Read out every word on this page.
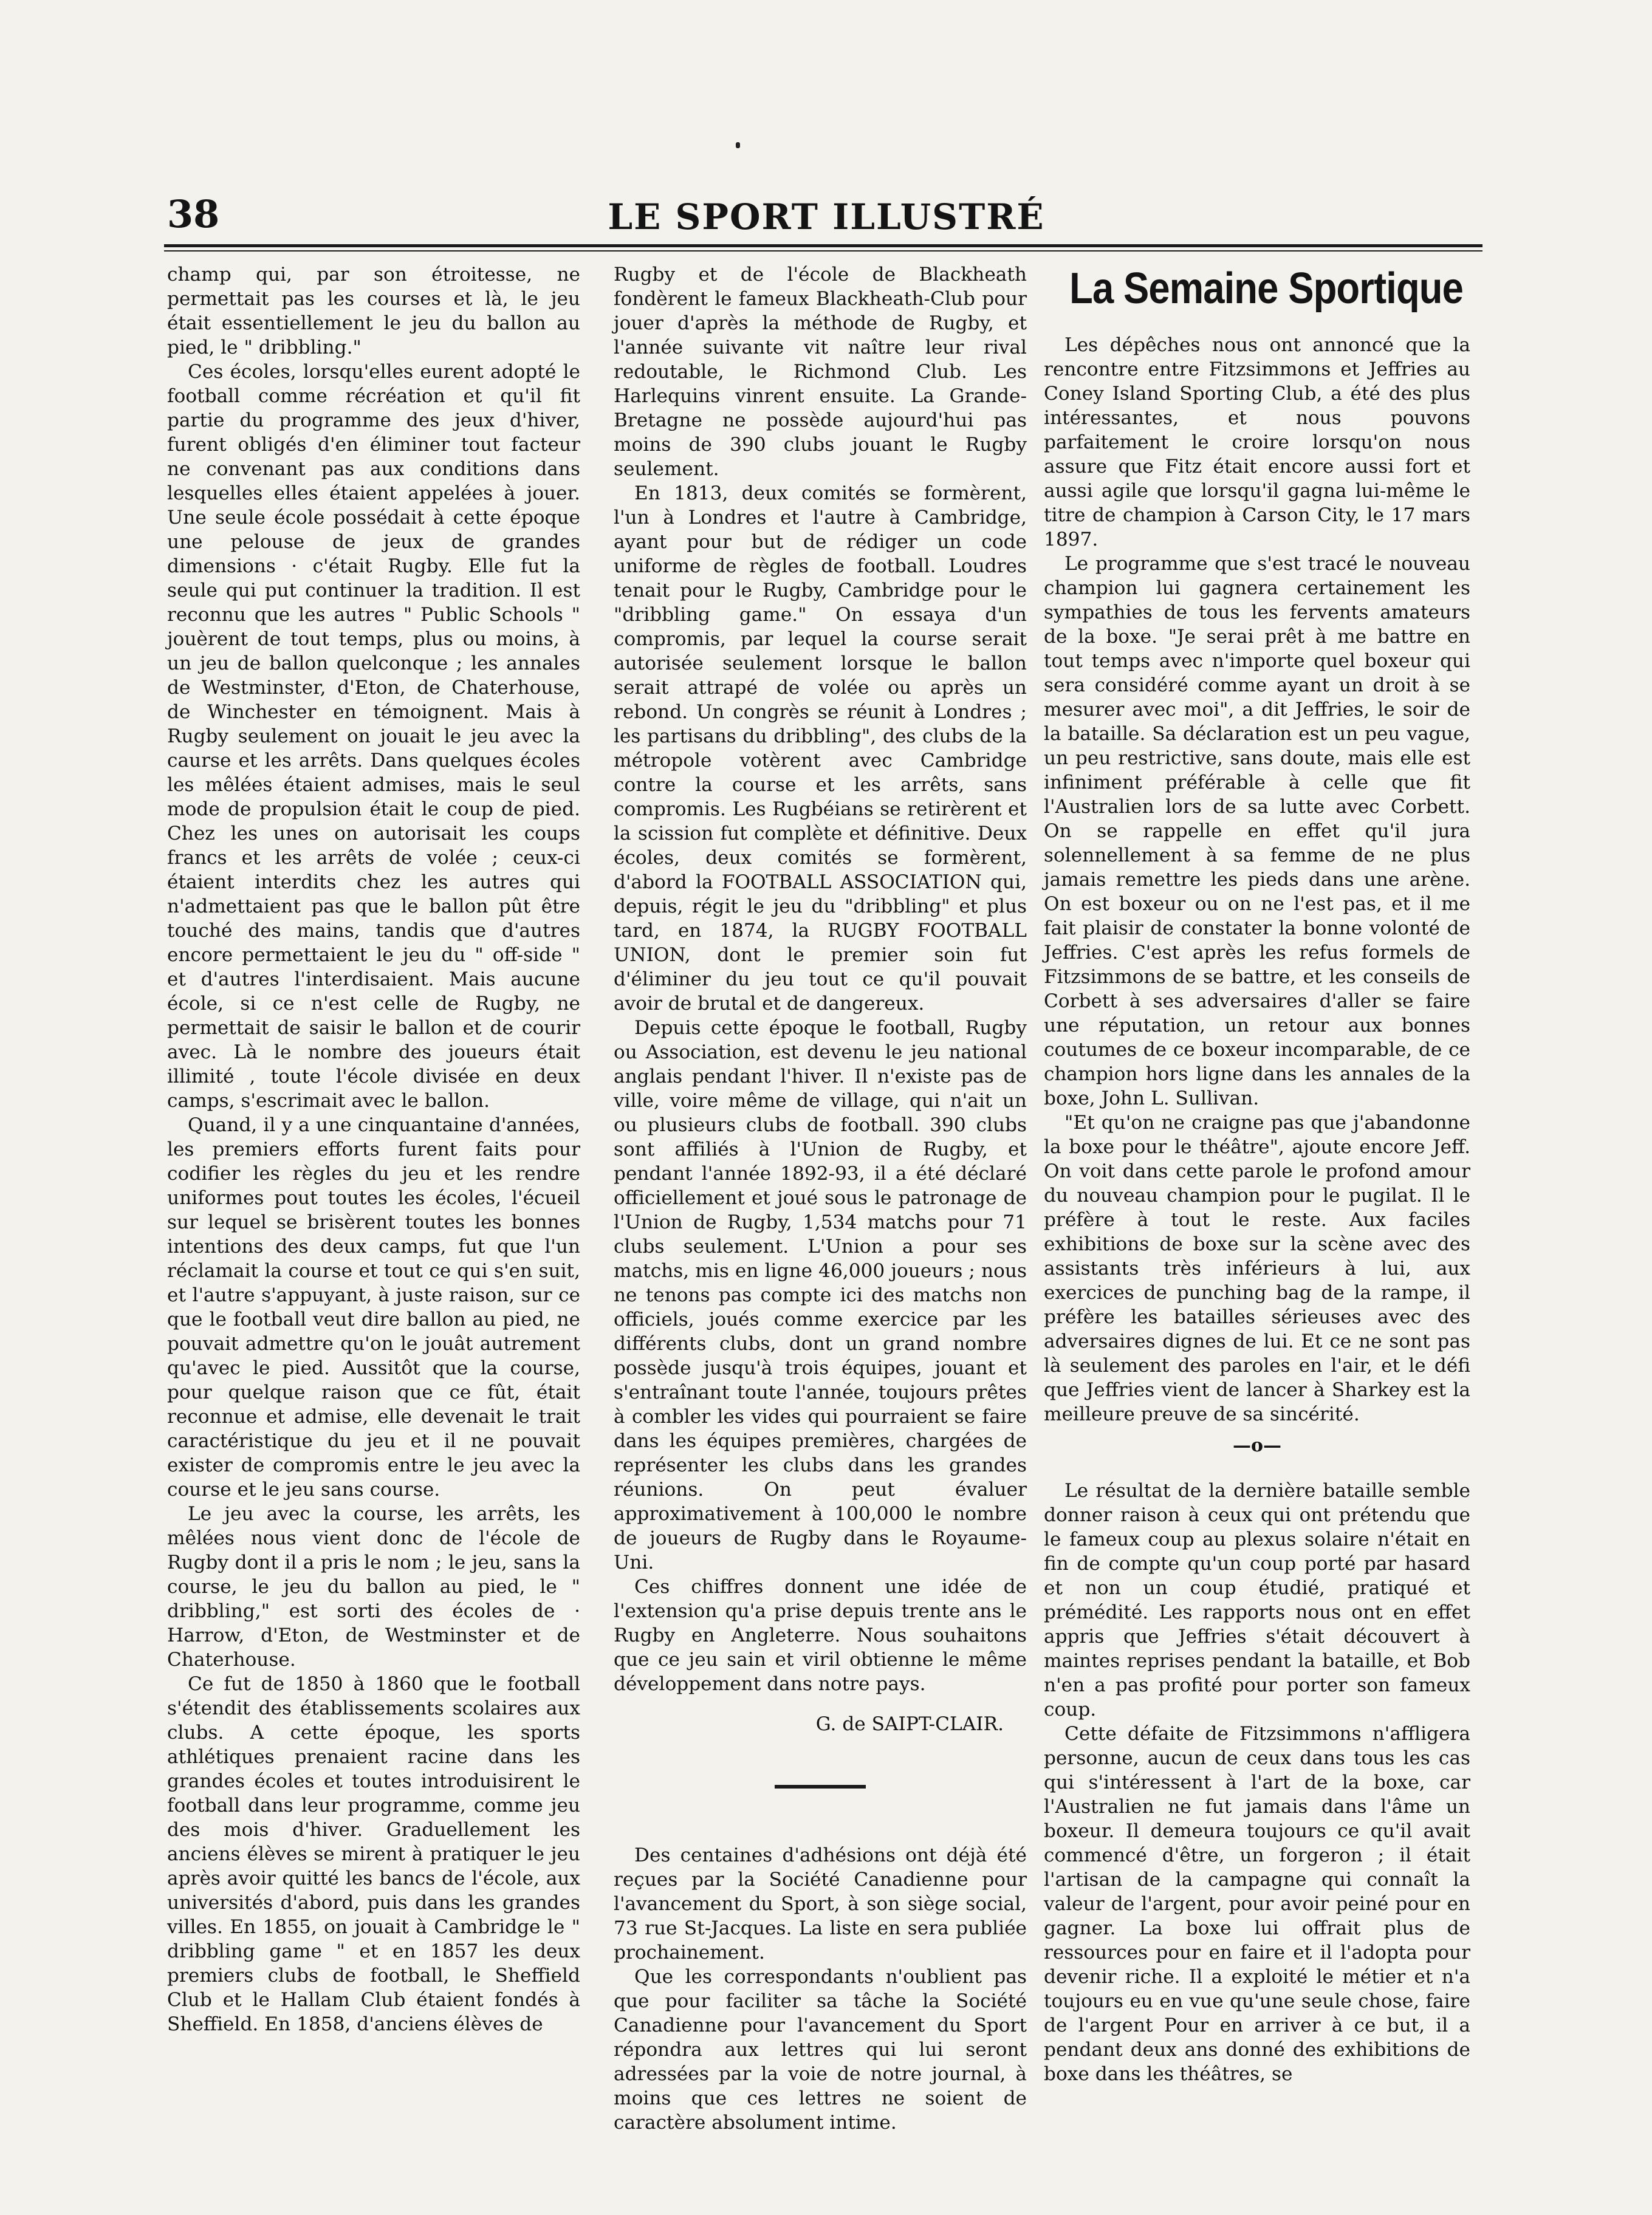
38	LE SPORT ILLUSTRÉ

champ qui, par son étroitesse, ne permettait pas les courses et là, le jeu était essentiellement le jeu du ballon au pied, le " dribbling."

Ces écoles, lorsqu'elles eurent adopté le football comme récréation et qu'il fit partie du programme des jeux d'hiver, furent obligés d'en éliminer tout facteur ne convenant pas aux conditions dans lesquelles elles étaient appelées à jouer. Une seule école possédait à cette époque une pelouse de jeux de grandes dimensions · c'était Rugby. Elle fut la seule qui put continuer la tradition. Il est reconnu que les autres " Public Schools " jouèrent de tout temps, plus ou moins, à un jeu de ballon quelconque ; les annales de Westminster, d'Eton, de Chaterhouse, de Winchester en témoignent. Mais à Rugby seulement on jouait le jeu avec la caurse et les arrêts. Dans quelques écoles les mêlées étaient admises, mais le seul mode de propulsion était le coup de pied. Chez les unes on autorisait les coups francs et les arrêts de volée ; ceux-ci étaient interdits chez les autres qui n'admettaient pas que le ballon pût être touché des mains, tandis que d'autres encore permettaient le jeu du " off-side " et d'autres l'interdisaient. Mais aucune école, si ce n'est celle de Rugby, ne permettait de saisir le ballon et de courir avec. Là le nombre des joueurs était illimité , toute l'école divisée en deux camps, s'escrimait avec le ballon.

Quand, il y a une cinquantaine d'années, les premiers efforts furent faits pour codifier les règles du jeu et les rendre uniformes pout toutes les écoles, l'écueil sur lequel se brisèrent toutes les bonnes intentions des deux camps, fut que l'un réclamait la course et tout ce qui s'en suit, et l'autre s'appuyant, à juste raison, sur ce que le football veut dire ballon au pied, ne pouvait admettre qu'on le jouât autrement qu'avec le pied. Aussitôt que la course, pour quelque raison que ce fût, était reconnue et admise, elle devenait le trait caractéristique du jeu et il ne pouvait exister de compromis entre le jeu avec la course et le jeu sans course.

Le jeu avec la course, les arrêts, les mêlées nous vient donc de l'école de Rugby dont il a pris le nom ; le jeu, sans la course, le jeu du ballon au pied, le " dribbling," est sorti des écoles de · Harrow, d'Eton, de Westminster et de Chaterhouse.

Ce fut de 1850 à 1860 que le football s'étendit des établissements scolaires aux clubs. A cette époque, les sports athlétiques prenaient racine dans les grandes écoles et toutes introduisirent le football dans leur programme, comme jeu des mois d'hiver. Graduellement les anciens élèves se mirent à pratiquer le jeu après avoir quitté les bancs de l'école, aux universités d'abord, puis dans les grandes villes. En 1855, on jouait à Cambridge le " dribbling game " et en 1857 les deux premiers clubs de football, le Sheffield Club et le Hallam Club étaient fondés à Sheffield. En 1858, d'anciens élèves de

Rugby et de l'école de Blackheath fondèrent le fameux Blackheath-Club pour jouer d'après la méthode de Rugby, et l'année suivante vit naître leur rival redoutable, le Richmond Club. Les Harlequins vinrent ensuite. La Grande-Bretagne ne possède aujourd'hui pas moins de 390 clubs jouant le Rugby seulement.

En 1813, deux comités se formèrent, l'un à Londres et l'autre à Cambridge, ayant pour but de rédiger un code uniforme de règles de football. Loudres tenait pour le Rugby, Cambridge pour le "dribbling game." On essaya d'un compromis, par lequel la course serait autorisée seulement lorsque le ballon serait attrapé de volée ou après un rebond. Un congrès se réunit à Londres ; les partisans du dribbling", des clubs de la métropole votèrent avec Cambridge contre la course et les arrêts, sans compromis. Les Rugbéians se retirèrent et la scission fut complète et définitive. Deux écoles, deux comités se formèrent, d'abord la FOOTBALL ASSOCIATION qui, depuis, régit le jeu du "dribbling" et plus tard, en 1874, la RUGBY FOOTBALL UNION, dont le premier soin fut d'éliminer du jeu tout ce qu'il pouvait avoir de brutal et de dangereux.

Depuis cette époque le football, Rugby ou Association, est devenu le jeu national anglais pendant l'hiver. Il n'existe pas de ville, voire même de village, qui n'ait un ou plusieurs clubs de football. 390 clubs sont affiliés à l'Union de Rugby, et pendant l'année 1892-93, il a été déclaré officiellement et joué sous le patronage de l'Union de Rugby, 1,534 matchs pour 71 clubs seulement. L'Union a pour ses matchs, mis en ligne 46,000 joueurs ; nous ne tenons pas compte ici des matchs non officiels, joués comme exercice par les différents clubs, dont un grand nombre possède jusqu'à trois équipes, jouant et s'entraînant toute l'année, toujours prêtes à combler les vides qui pourraient se faire dans les équipes premières, chargées de représenter les clubs dans les grandes réunions. On peut évaluer approximativement à 100,000 le nombre de joueurs de Rugby dans le Royaume-Uni.

Ces chiffres donnent une idée de l'extension qu'a prise depuis trente ans le Rugby en Angleterre. Nous souhaitons que ce jeu sain et viril obtienne le même développement dans notre pays.

G. de SAIPT-CLAIR.

Des centaines d'adhésions ont déjà été reçues par la Société Canadienne pour l'avancement du Sport, à son siège social, 73 rue St-Jacques. La liste en sera publiée prochainement.

Que les correspondants n'oublient pas que pour faciliter sa tâche la Société Canadienne pour l'avancement du Sport répondra aux lettres qui lui seront adressées par la voie de notre journal, à moins que ces lettres ne soient de caractère absolument intime.

La Semaine Sportique

Les dépêches nous ont annoncé que la rencontre entre Fitzsimmons et Jeffries au Coney Island Sporting Club, a été des plus intéressantes, et nous pouvons parfaitement le croire lorsqu'on nous assure que Fitz était encore aussi fort et aussi agile que lorsqu'il gagna lui-même le titre de champion à Carson City, le 17 mars 1897.

Le programme que s'est tracé le nouveau champion lui gagnera certainement les sympathies de tous les fervents amateurs de la boxe. "Je serai prêt à me battre en tout temps avec n'importe quel boxeur qui sera considéré comme ayant un droit à se mesurer avec moi", a dit Jeffries, le soir de la bataille. Sa déclaration est un peu vague, un peu restrictive, sans doute, mais elle est infiniment préférable à celle que fit l'Australien lors de sa lutte avec Corbett. On se rappelle en effet qu'il jura solennellement à sa femme de ne plus jamais remettre les pieds dans une arène. On est boxeur ou on ne l'est pas, et il me fait plaisir de constater la bonne volonté de Jeffries. C'est après les refus formels de Fitzsimmons de se battre, et les conseils de Corbett à ses adversaires d'aller se faire une réputation, un retour aux bonnes coutumes de ce boxeur incomparable, de ce champion hors ligne dans les annales de la boxe, John L. Sullivan.

"Et qu'on ne craigne pas que j'abandonne la boxe pour le théâtre", ajoute encore Jeff. On voit dans cette parole le profond amour du nouveau champion pour le pugilat. Il le préfère à tout le reste. Aux faciles exhibitions de boxe sur la scène avec des assistants très inférieurs à lui, aux exercices de punching bag de la rampe, il préfère les batailles sérieuses avec des adversaires dignes de lui. Et ce ne sont pas là seulement des paroles en l'air, et le défi que Jeffries vient de lancer à Sharkey est la meilleure preuve de sa sincérité.

—o—

Le résultat de la dernière bataille semble donner raison à ceux qui ont prétendu que le fameux coup au plexus solaire n'était en fin de compte qu'un coup porté par hasard et non un coup étudié, pratiqué et prémédité. Les rapports nous ont en effet appris que Jeffries s'était découvert à maintes reprises pendant la bataille, et Bob n'en a pas profité pour porter son fameux coup.

Cette défaite de Fitzsimmons n'affligera personne, aucun de ceux dans tous les cas qui s'intéressent à l'art de la boxe, car l'Australien ne fut jamais dans l'âme un boxeur. Il demeura toujours ce qu'il avait commencé d'être, un forgeron ; il était l'artisan de la campagne qui connaît la valeur de l'argent, pour avoir peiné pour en gagner. La boxe lui offrait plus de ressources pour en faire et il l'adopta pour devenir riche. Il a exploité le métier et n'a toujours eu en vue qu'une seule chose, faire de l'argent Pour en arriver à ce but, il a pendant deux ans donné des exhibitions de boxe dans les théâtres, se
